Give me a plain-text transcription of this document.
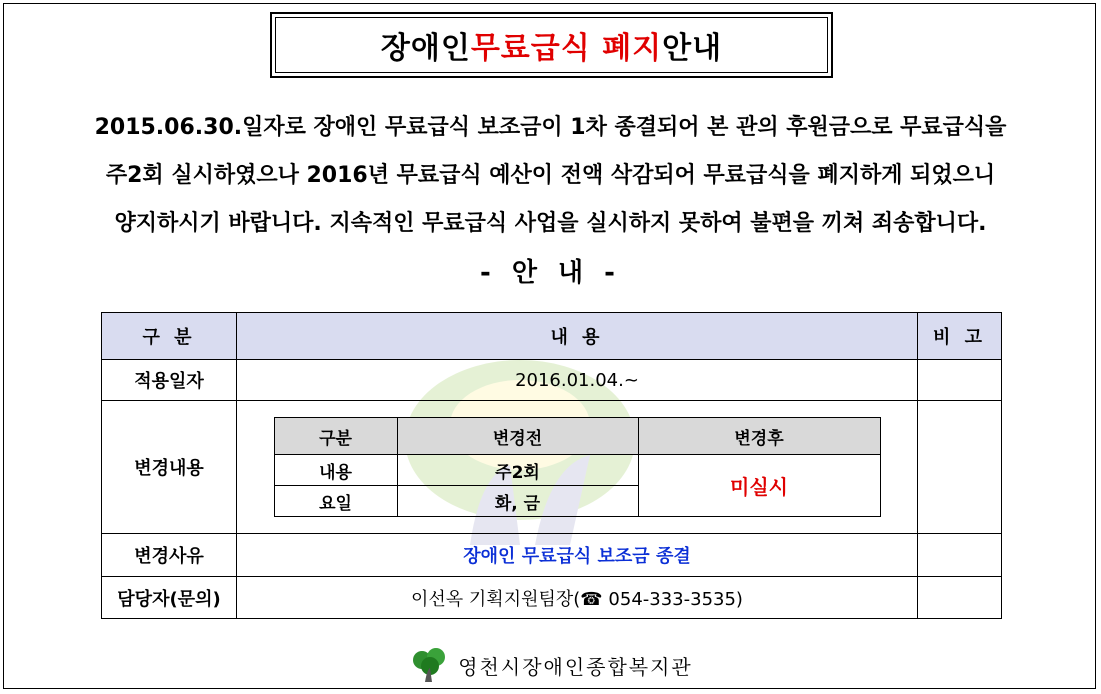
장애인 무료급식 폐지 안내
2015.06.30.일자로 장애인 무료급식 보조금이 1차 종결되어 본 관의 후원금으로 무료급식을
주2회 실시하였으나 2016년 무료급식 예산이 전액 삭감되어 무료급식을 폐지하게 되었으니
양지하시기 바랍니다. 지속적인 무료급식 사업을 실시하지 못하여 불편을 끼쳐 죄송합니다.
- 안 내 -
구 분	내 용	비 고
적용일자	2016.01.04.~	
변경내용	
구분	변경전	변경후
내용	주2회	미실시
요일	화, 금

변경사유	장애인 무료급식 보조금 종결	
담당자(문의)	이선옥 기획지원팀장(☎ 054-333-3535)	
영천시장애인종합복지관
